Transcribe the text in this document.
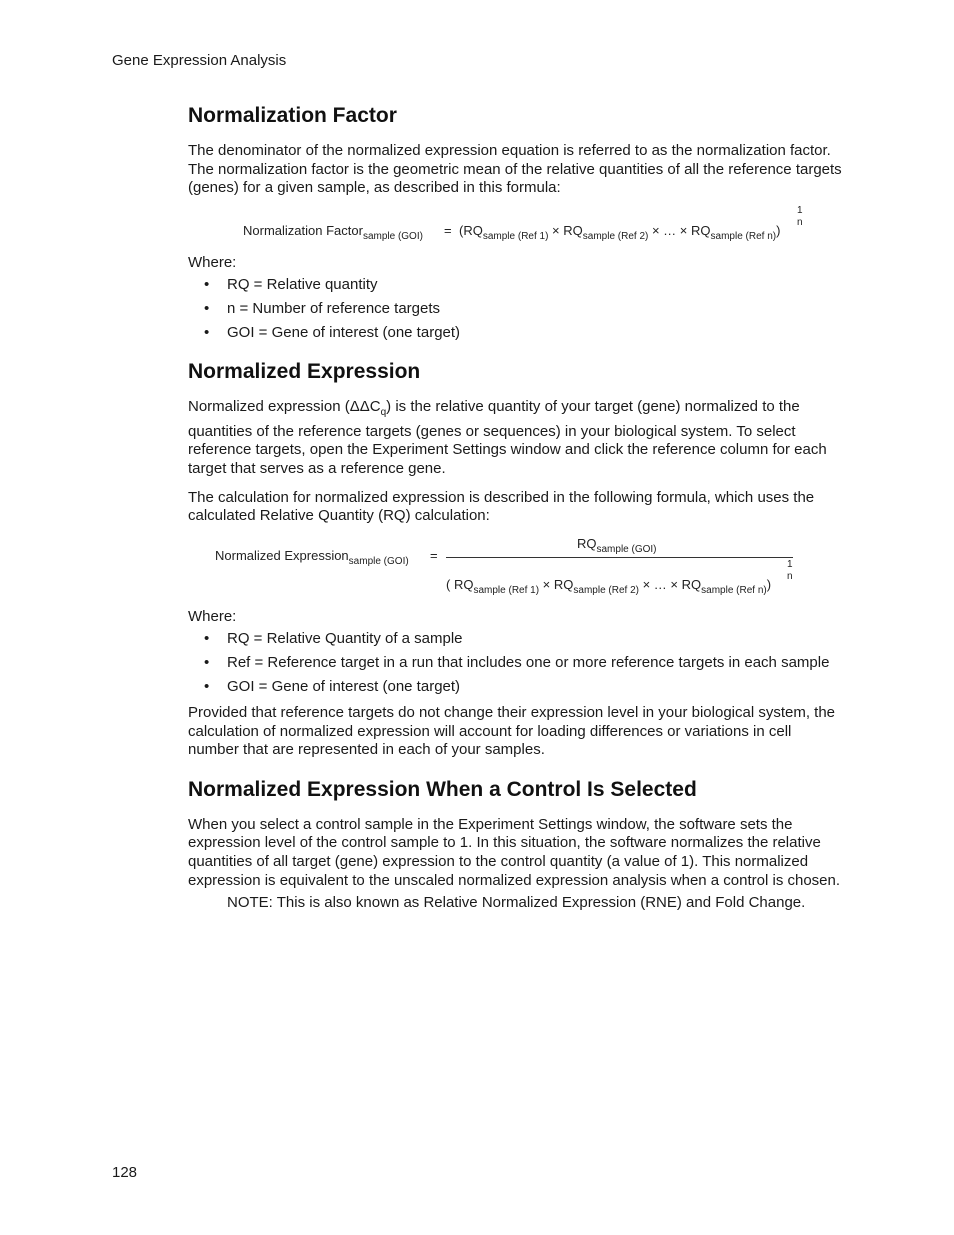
Gene Expression Analysis
Normalization Factor

The denominator of the normalized expression equation is referred to as the normalization factor. The normalization factor is the geometric mean of the relative quantities of all the reference targets (genes) for a given sample, as described in this formula:

Normalization Factor$_{sample (GOI)}$ = ($RQ_{sample (Ref 1)} \times RQ_{sample (Ref 2)}$ × … × $RQ_{sample (Ref n)}$)
1
n

Where:

• RQ = Relative quantity
• n = Number of reference targets
• GOI = Gene of interest (one target)
Normalized Expression

Normalized expression $(\Delta\Delta C_q)$ is the relative quantity of your target (gene) normalized to the quantities of the reference targets (genes or sequences) in your biological system. To select reference targets, open the Experiment Settings window and click the reference column for each target that serves as a reference gene.

The calculation for normalized expression is described in the following formula, which uses the calculated Relative Quantity (RQ) calculation:

Normalized Expression$_{sample (GOI)}$ =
$RQ_{sample (GOI)}$
( $RQ_{sample (Ref 1)} \times RQ_{sample (Ref 2)}$ × … × $RQ_{sample (Ref n)}$)
1
n

Where:

• RQ = Relative Quantity of a sample
• Ref = Reference target in a run that includes one or more reference targets in each sample
• GOI = Gene of interest (one target)

Provided that reference targets do not change their expression level in your biological system, the calculation of normalized expression will account for loading differences or variations in cell number that are represented in each of your samples.

Normalized Expression When a Control Is Selected

When you select a control sample in the Experiment Settings window, the software sets the expression level of the control sample to 1. In this situation, the software normalizes the relative quantities of all target (gene) expression to the control quantity (a value of 1). This normalized expression is equivalent to the unscaled normalized expression analysis when a control is chosen.

NOTE: This is also known as Relative Normalized Expression (RNE) and Fold Change.
128
